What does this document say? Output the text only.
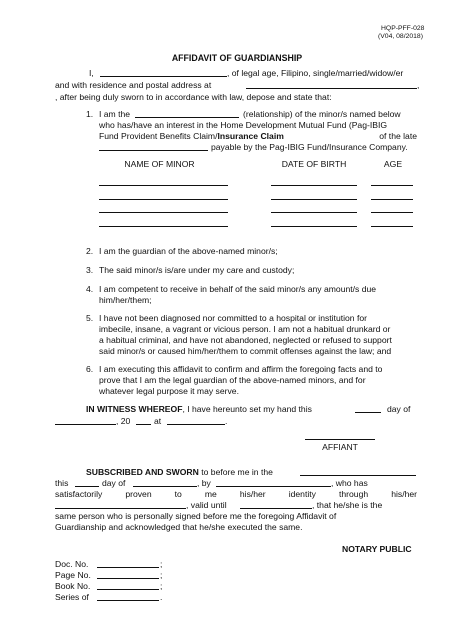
HQP-PFF-028
(V04, 08/2018)
AFFIDAVIT OF GUARDIANSHIP
I,	, of legal age, Filipino, single/married/widow/er
and with residence and postal address at	,
, after being duly sworn to in accordance with law, depose and state that:
1. I am the	(relationship) of the minor/s named below
who has/have an interest in the Home Development Mutual Fund (Pag-IBIG
Fund Provident Benefits Claim/Insurance Claim	of the late
payable by the Pag-IBIG Fund/Insurance Company.
NAME OF MINOR	DATE OF BIRTH	AGE
2. I am the guardian of the above-named minor/s;
3. The said minor/s is/are under my care and custody;
4. I am competent to receive in behalf of the said minor/s any amount/s due
him/her/them;
5. I have not been diagnosed nor committed to a hospital or institution for
imbecile, insane, a vagrant or vicious person. I am not a habitual drunkard or
a habitual criminal, and have not abandoned, neglected or refused to support
said minor/s or caused him/her/them to commit offenses against the law; and
6. I am executing this affidavit to confirm and affirm the foregoing facts and to
prove that I am the legal guardian of the above-named minors, and for
whatever legal purpose it may serve.
IN WITNESS WHEREOF, I have hereunto set my hand this	day of
, 20	at	.
AFFIANT
SUBSCRIBED AND SWORN to before me in the
this	day of	, by	, who has
satisfactorily	proven	to	me	his/her	identity	through	his/her
, valid until	, that he/she is the
same person who is personally signed before me the foregoing Affidavit of
Guardianship and acknowledged that he/she executed the same.
NOTARY PUBLIC
Doc. No.	;
Page No.	;
Book No.	;
Series of	.
